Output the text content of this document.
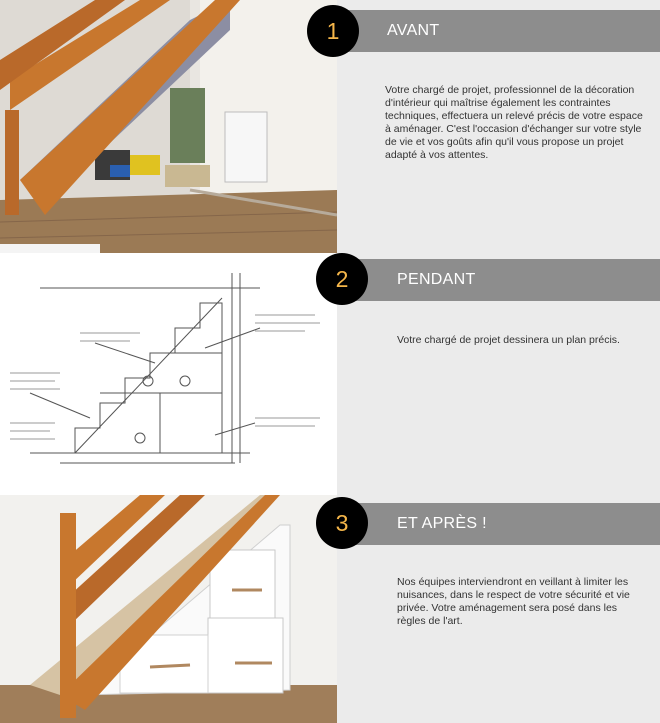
AVANT
1

Votre chargé de projet, professionnel de la décoration d'intérieur qui maîtrise également les contraintes techniques, effectuera un relevé précis de votre espace à aménager. C'est l'occasion d'échanger sur votre style de vie et vos goûts afin qu'il vous propose un projet adapté à vos attentes.

PENDANT
2

Votre chargé de projet dessinera un plan précis.

ET APRÈS !
3

Nos équipes interviendront en veillant à limiter les nuisances, dans le respect de votre sécurité et vie privée. Votre aménagement sera posé dans les règles de l'art.
